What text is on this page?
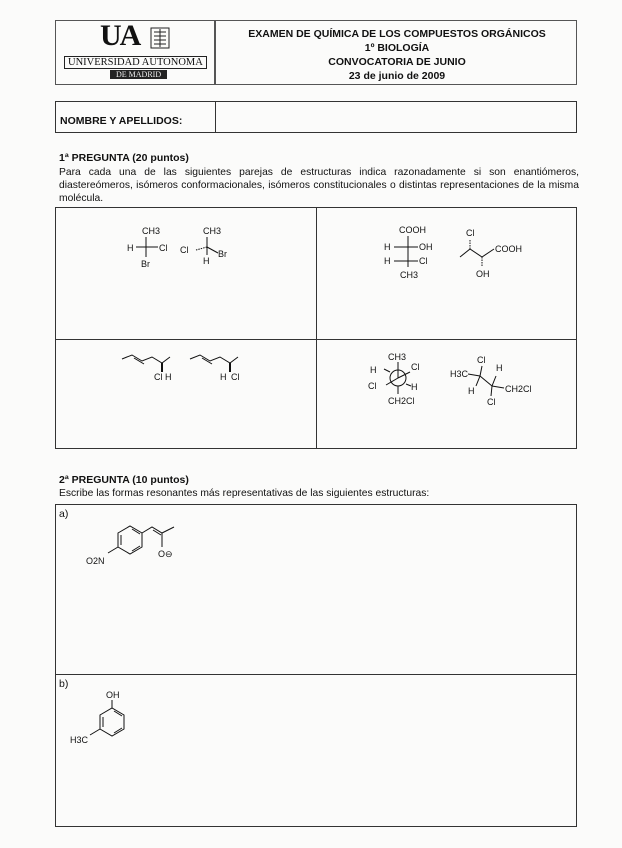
UA
UNIVERSIDAD AUTONOMA
DE MADRID
EXAMEN DE QUÍMICA DE LOS COMPUESTOS ORGÁNICOS
1º BIOLOGÍA
CONVOCATORIA DE JUNIO
23 de junio de 2009
NOMBRE Y APELLIDOS:
1ª PREGUNTA (20 puntos)
Para cada una de las siguientes parejas de estructuras indica razonadamente si son enantiómeros, diastereómeros, isómeros conformacionales, isómeros constitucionales o distintas representaciones de la misma molécula.
CH3
H	Cl
Br
CH3
Cl	Br
H
COOH
H	OH
H	Cl
CH3
Cl
OH
COOH
Cl H	H Cl
CH3
H	Cl
Cl	H
CH2Cl
H3C
Cl
H
H	CH2Cl
Cl
2ª PREGUNTA (10 puntos)
Escribe las formas resonantes más representativas de las siguientes estructuras:
a)
b)
O2N
O⊖
OH
H3C
